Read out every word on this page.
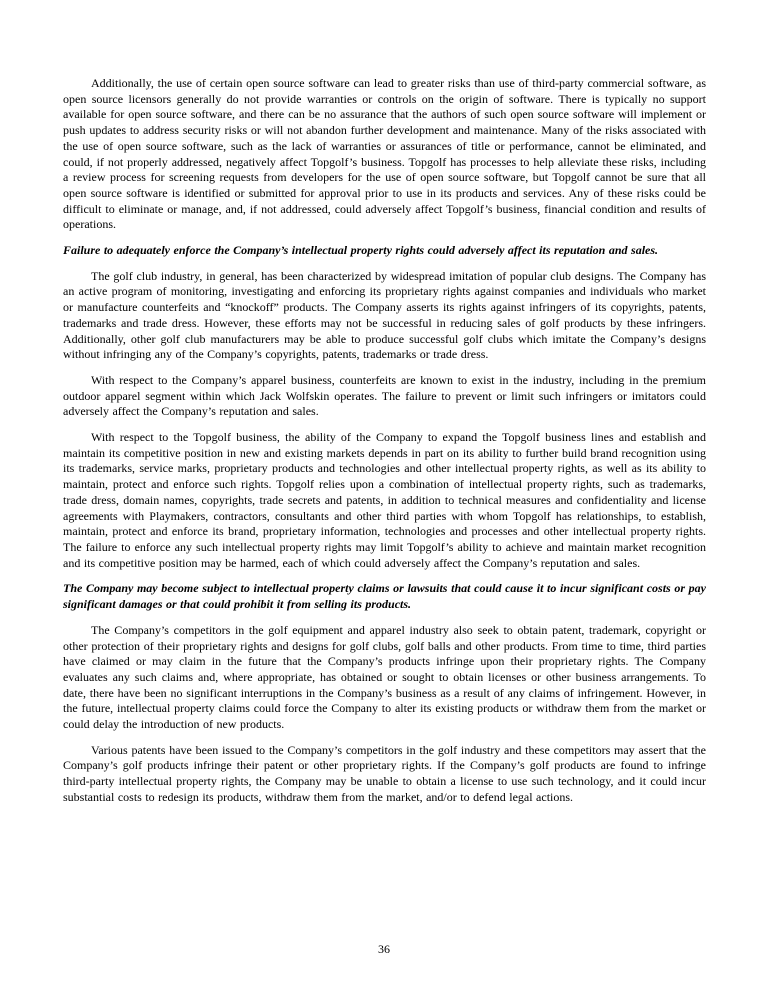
Additionally, the use of certain open source software can lead to greater risks than use of third-party commercial software, as open source licensors generally do not provide warranties or controls on the origin of software. There is typically no support available for open source software, and there can be no assurance that the authors of such open source software will implement or push updates to address security risks or will not abandon further development and maintenance. Many of the risks associated with the use of open source software, such as the lack of warranties or assurances of title or performance, cannot be eliminated, and could, if not properly addressed, negatively affect Topgolf’s business. Topgolf has processes to help alleviate these risks, including a review process for screening requests from developers for the use of open source software, but Topgolf cannot be sure that all open source software is identified or submitted for approval prior to use in its products and services. Any of these risks could be difficult to eliminate or manage, and, if not addressed, could adversely affect Topgolf’s business, financial condition and results of operations.

Failure to adequately enforce the Company’s intellectual property rights could adversely affect its reputation and sales.

The golf club industry, in general, has been characterized by widespread imitation of popular club designs. The Company has an active program of monitoring, investigating and enforcing its proprietary rights against companies and individuals who market or manufacture counterfeits and “knockoff” products. The Company asserts its rights against infringers of its copyrights, patents, trademarks and trade dress. However, these efforts may not be successful in reducing sales of golf products by these infringers. Additionally, other golf club manufacturers may be able to produce successful golf clubs which imitate the Company’s designs without infringing any of the Company’s copyrights, patents, trademarks or trade dress.

With respect to the Company’s apparel business, counterfeits are known to exist in the industry, including in the premium outdoor apparel segment within which Jack Wolfskin operates. The failure to prevent or limit such infringers or imitators could adversely affect the Company’s reputation and sales.

With respect to the Topgolf business, the ability of the Company to expand the Topgolf business lines and establish and maintain its competitive position in new and existing markets depends in part on its ability to further build brand recognition using its trademarks, service marks, proprietary products and technologies and other intellectual property rights, as well as its ability to maintain, protect and enforce such rights. Topgolf relies upon a combination of intellectual property rights, such as trademarks, trade dress, domain names, copyrights, trade secrets and patents, in addition to technical measures and confidentiality and license agreements with Playmakers, contractors, consultants and other third parties with whom Topgolf has relationships, to establish, maintain, protect and enforce its brand, proprietary information, technologies and processes and other intellectual property rights. The failure to enforce any such intellectual property rights may limit Topgolf’s ability to achieve and maintain market recognition and its competitive position may be harmed, each of which could adversely affect the Company’s reputation and sales.

The Company may become subject to intellectual property claims or lawsuits that could cause it to incur significant costs or pay significant damages or that could prohibit it from selling its products.

The Company’s competitors in the golf equipment and apparel industry also seek to obtain patent, trademark, copyright or other protection of their proprietary rights and designs for golf clubs, golf balls and other products. From time to time, third parties have claimed or may claim in the future that the Company’s products infringe upon their proprietary rights. The Company evaluates any such claims and, where appropriate, has obtained or sought to obtain licenses or other business arrangements. To date, there have been no significant interruptions in the Company’s business as a result of any claims of infringement. However, in the future, intellectual property claims could force the Company to alter its existing products or withdraw them from the market or could delay the introduction of new products.

Various patents have been issued to the Company’s competitors in the golf industry and these competitors may assert that the Company’s golf products infringe their patent or other proprietary rights. If the Company’s golf products are found to infringe third-party intellectual property rights, the Company may be unable to obtain a license to use such technology, and it could incur substantial costs to redesign its products, withdraw them from the market, and/or to defend legal actions.

36
